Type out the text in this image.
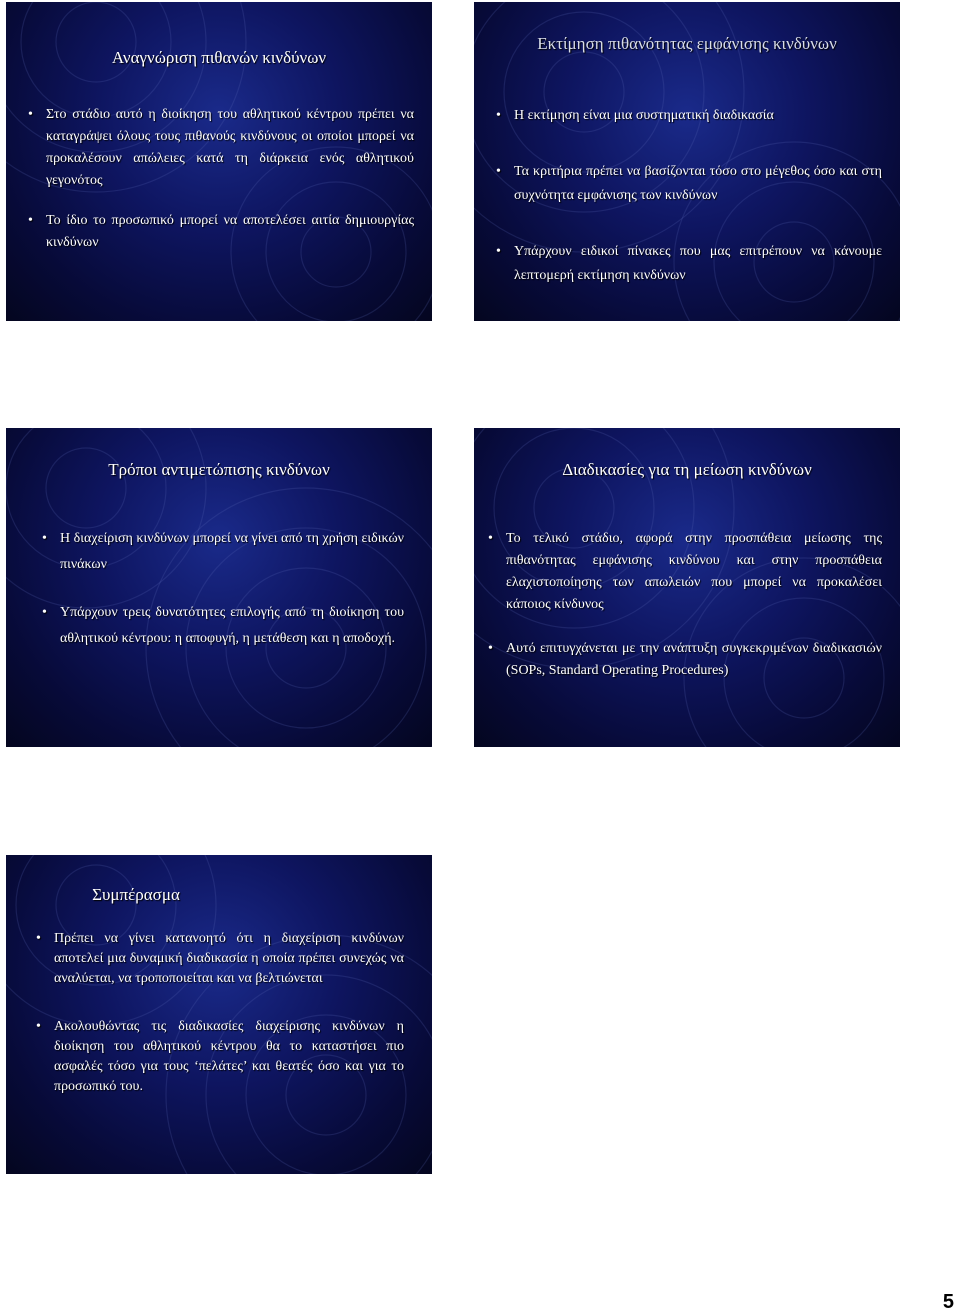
Αναγνώριση πιθανών κινδύνων
• Στο στάδιο αυτό η διοίκηση του αθλητικού κέντρου πρέπει να καταγράψει όλους τους πιθανούς κινδύνους οι οποίοι μπορεί να προκαλέσουν απώλειες κατά τη διάρκεια ενός αθλητικού γεγονότος
• Το ίδιο το προσωπικό μπορεί να αποτελέσει αιτία δημιουργίας κινδύνων
Εκτίμηση πιθανότητας εμφάνισης κινδύνων
• Η εκτίμηση είναι μια συστηματική διαδικασία
• Τα κριτήρια πρέπει να βασίζονται τόσο στο μέγεθος όσο και στη συχνότητα εμφάνισης των κινδύνων
• Υπάρχουν ειδικοί πίνακες που μας επιτρέπουν να κάνουμε λεπτομερή εκτίμηση κινδύνων
Τρόποι αντιμετώπισης κινδύνων
• Η διαχείριση κινδύνων μπορεί να γίνει από τη χρήση ειδικών πινάκων
• Υπάρχουν τρεις δυνατότητες επιλογής από τη διοίκηση του αθλητικού κέντρου: η αποφυγή, η μετάθεση και η αποδοχή.
Διαδικασίες για τη μείωση κινδύνων
• Το τελικό στάδιο, αφορά στην προσπάθεια μείωσης της πιθανότητας εμφάνισης κινδύνου και στην προσπάθεια ελαχιστοποίησης των απωλειών που μπορεί να προκαλέσει κάποιος κίνδυνος
• Αυτό επιτυγχάνεται με την ανάπτυξη συγκεκριμένων διαδικασιών (SOPs, Standard Operating Procedures)
Συμπέρασμα
• Πρέπει να γίνει κατανοητό ότι η διαχείριση κινδύνων αποτελεί μια δυναμική διαδικασία η οποία πρέπει συνεχώς να αναλύεται, να τροποποιείται και να βελτιώνεται
• Ακολουθώντας τις διαδικασίες διαχείρισης κινδύνων η διοίκηση του αθλητικού κέντρου θα το καταστήσει πιο ασφαλές τόσο για τους ‘πελάτες’ και θεατές όσο και για το προσωπικό του.
5
